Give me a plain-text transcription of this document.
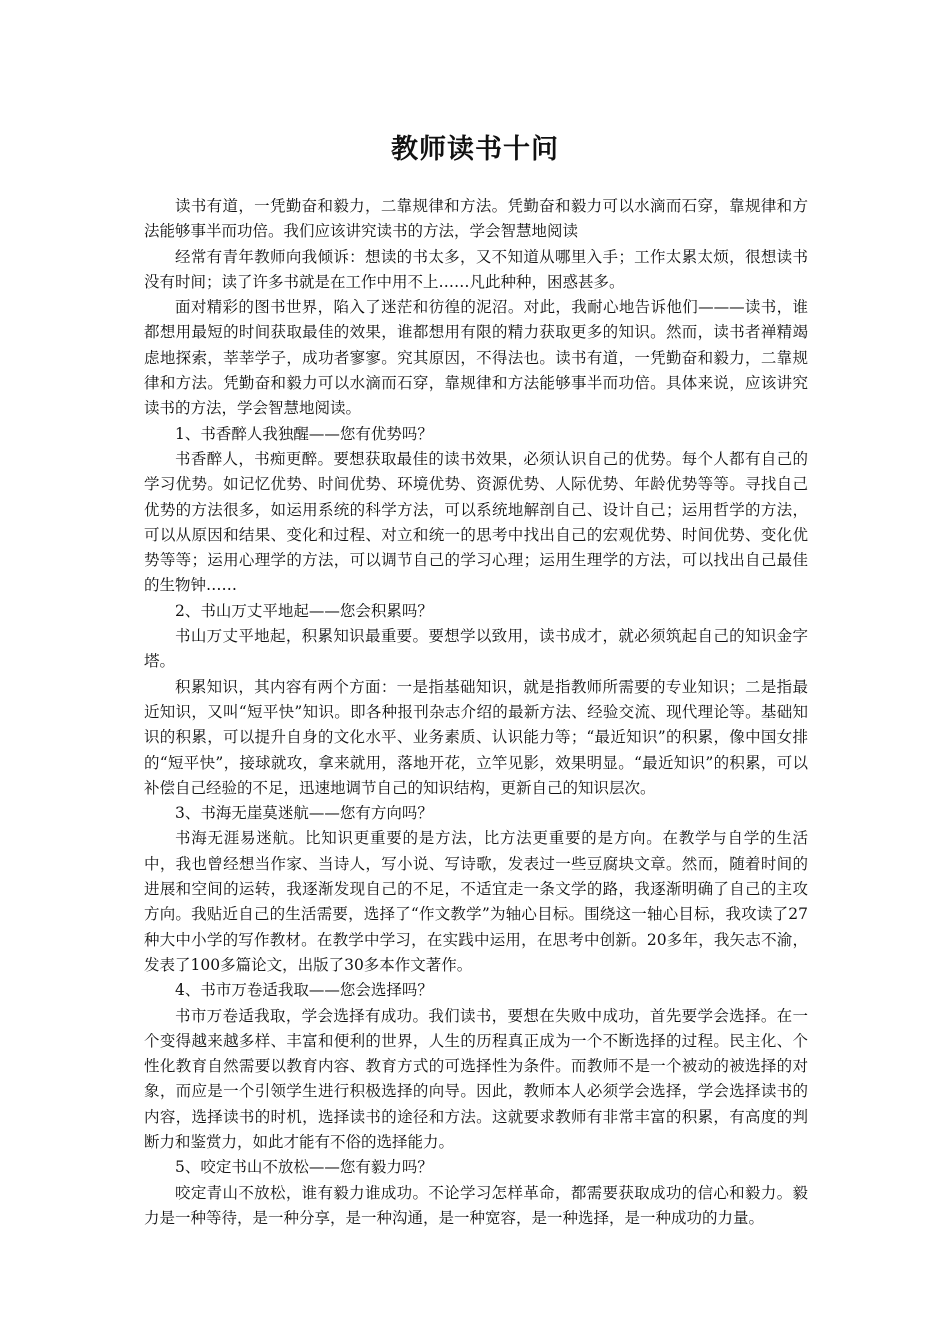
教师读书十问

读书有道，一凭勤奋和毅力，二靠规律和方法。凭勤奋和毅力可以水滴而石穿，靠规律和方法能够事半而功倍。我们应该讲究读书的方法，学会智慧地阅读

经常有青年教师向我倾诉：想读的书太多，又不知道从哪里入手；工作太累太烦，很想读书没有时间；读了许多书就是在工作中用不上……凡此种种，困惑甚多。

面对精彩的图书世界，陷入了迷茫和彷徨的泥沼。对此，我耐心地告诉他们———读书，谁都想用最短的时间获取最佳的效果，谁都想用有限的精力获取更多的知识。然而，读书者禅精竭虑地探索，莘莘学子，成功者寥寥。究其原因，不得法也。读书有道，一凭勤奋和毅力，二靠规律和方法。凭勤奋和毅力可以水滴而石穿，靠规律和方法能够事半而功倍。具体来说，应该讲究读书的方法，学会智慧地阅读。

1、书香醉人我独醒——您有优势吗？

书香醉人，书痴更醉。要想获取最佳的读书效果，必须认识自己的优势。每个人都有自己的学习优势。如记忆优势、时间优势、环境优势、资源优势、人际优势、年龄优势等等。寻找自己优势的方法很多，如运用系统的科学方法，可以系统地解剖自己、设计自己；运用哲学的方法，可以从原因和结果、变化和过程、对立和统一的思考中找出自己的宏观优势、时间优势、变化优势等等；运用心理学的方法，可以调节自己的学习心理；运用生理学的方法，可以找出自己最佳的生物钟……

2、书山万丈平地起——您会积累吗？

书山万丈平地起，积累知识最重要。要想学以致用，读书成才，就必须筑起自己的知识金字塔。

积累知识，其内容有两个方面：一是指基础知识，就是指教师所需要的专业知识；二是指最近知识，又叫“短平快”知识。即各种报刊杂志介绍的最新方法、经验交流、现代理论等。基础知识的积累，可以提升自身的文化水平、业务素质、认识能力等；“最近知识”的积累，像中国女排的“短平快”，接球就攻，拿来就用，落地开花，立竿见影，效果明显。“最近知识”的积累，可以补偿自己经验的不足，迅速地调节自己的知识结构，更新自己的知识层次。

3、书海无崖莫迷航——您有方向吗？

书海无涯易迷航。比知识更重要的是方法，比方法更重要的是方向。在教学与自学的生活中，我也曾经想当作家、当诗人，写小说、写诗歌，发表过一些豆腐块文章。然而，随着时间的进展和空间的运转，我逐渐发现自己的不足，不适宜走一条文学的路，我逐渐明确了自己的主攻方向。我贴近自己的生活需要，选择了“作文教学”为轴心目标。围绕这一轴心目标，我攻读了27种大中小学的写作教材。在教学中学习，在实践中运用，在思考中创新。20多年，我矢志不渝，发表了100多篇论文，出版了30多本作文著作。

4、书市万卷适我取——您会选择吗？

书市万卷适我取，学会选择有成功。我们读书，要想在失败中成功，首先要学会选择。在一个变得越来越多样、丰富和便利的世界，人生的历程真正成为一个不断选择的过程。民主化、个性化教育自然需要以教育内容、教育方式的可选择性为条件。而教师不是一个被动的被选择的对象，而应是一个引领学生进行积极选择的向导。因此，教师本人必须学会选择，学会选择读书的内容，选择读书的时机，选择读书的途径和方法。这就要求教师有非常丰富的积累，有高度的判断力和鉴赏力，如此才能有不俗的选择能力。

5、咬定书山不放松——您有毅力吗？

咬定青山不放松，谁有毅力谁成功。不论学习怎样革命，都需要获取成功的信心和毅力。毅力是一种等待，是一种分享，是一种沟通，是一种宽容，是一种选择，是一种成功的力量。
